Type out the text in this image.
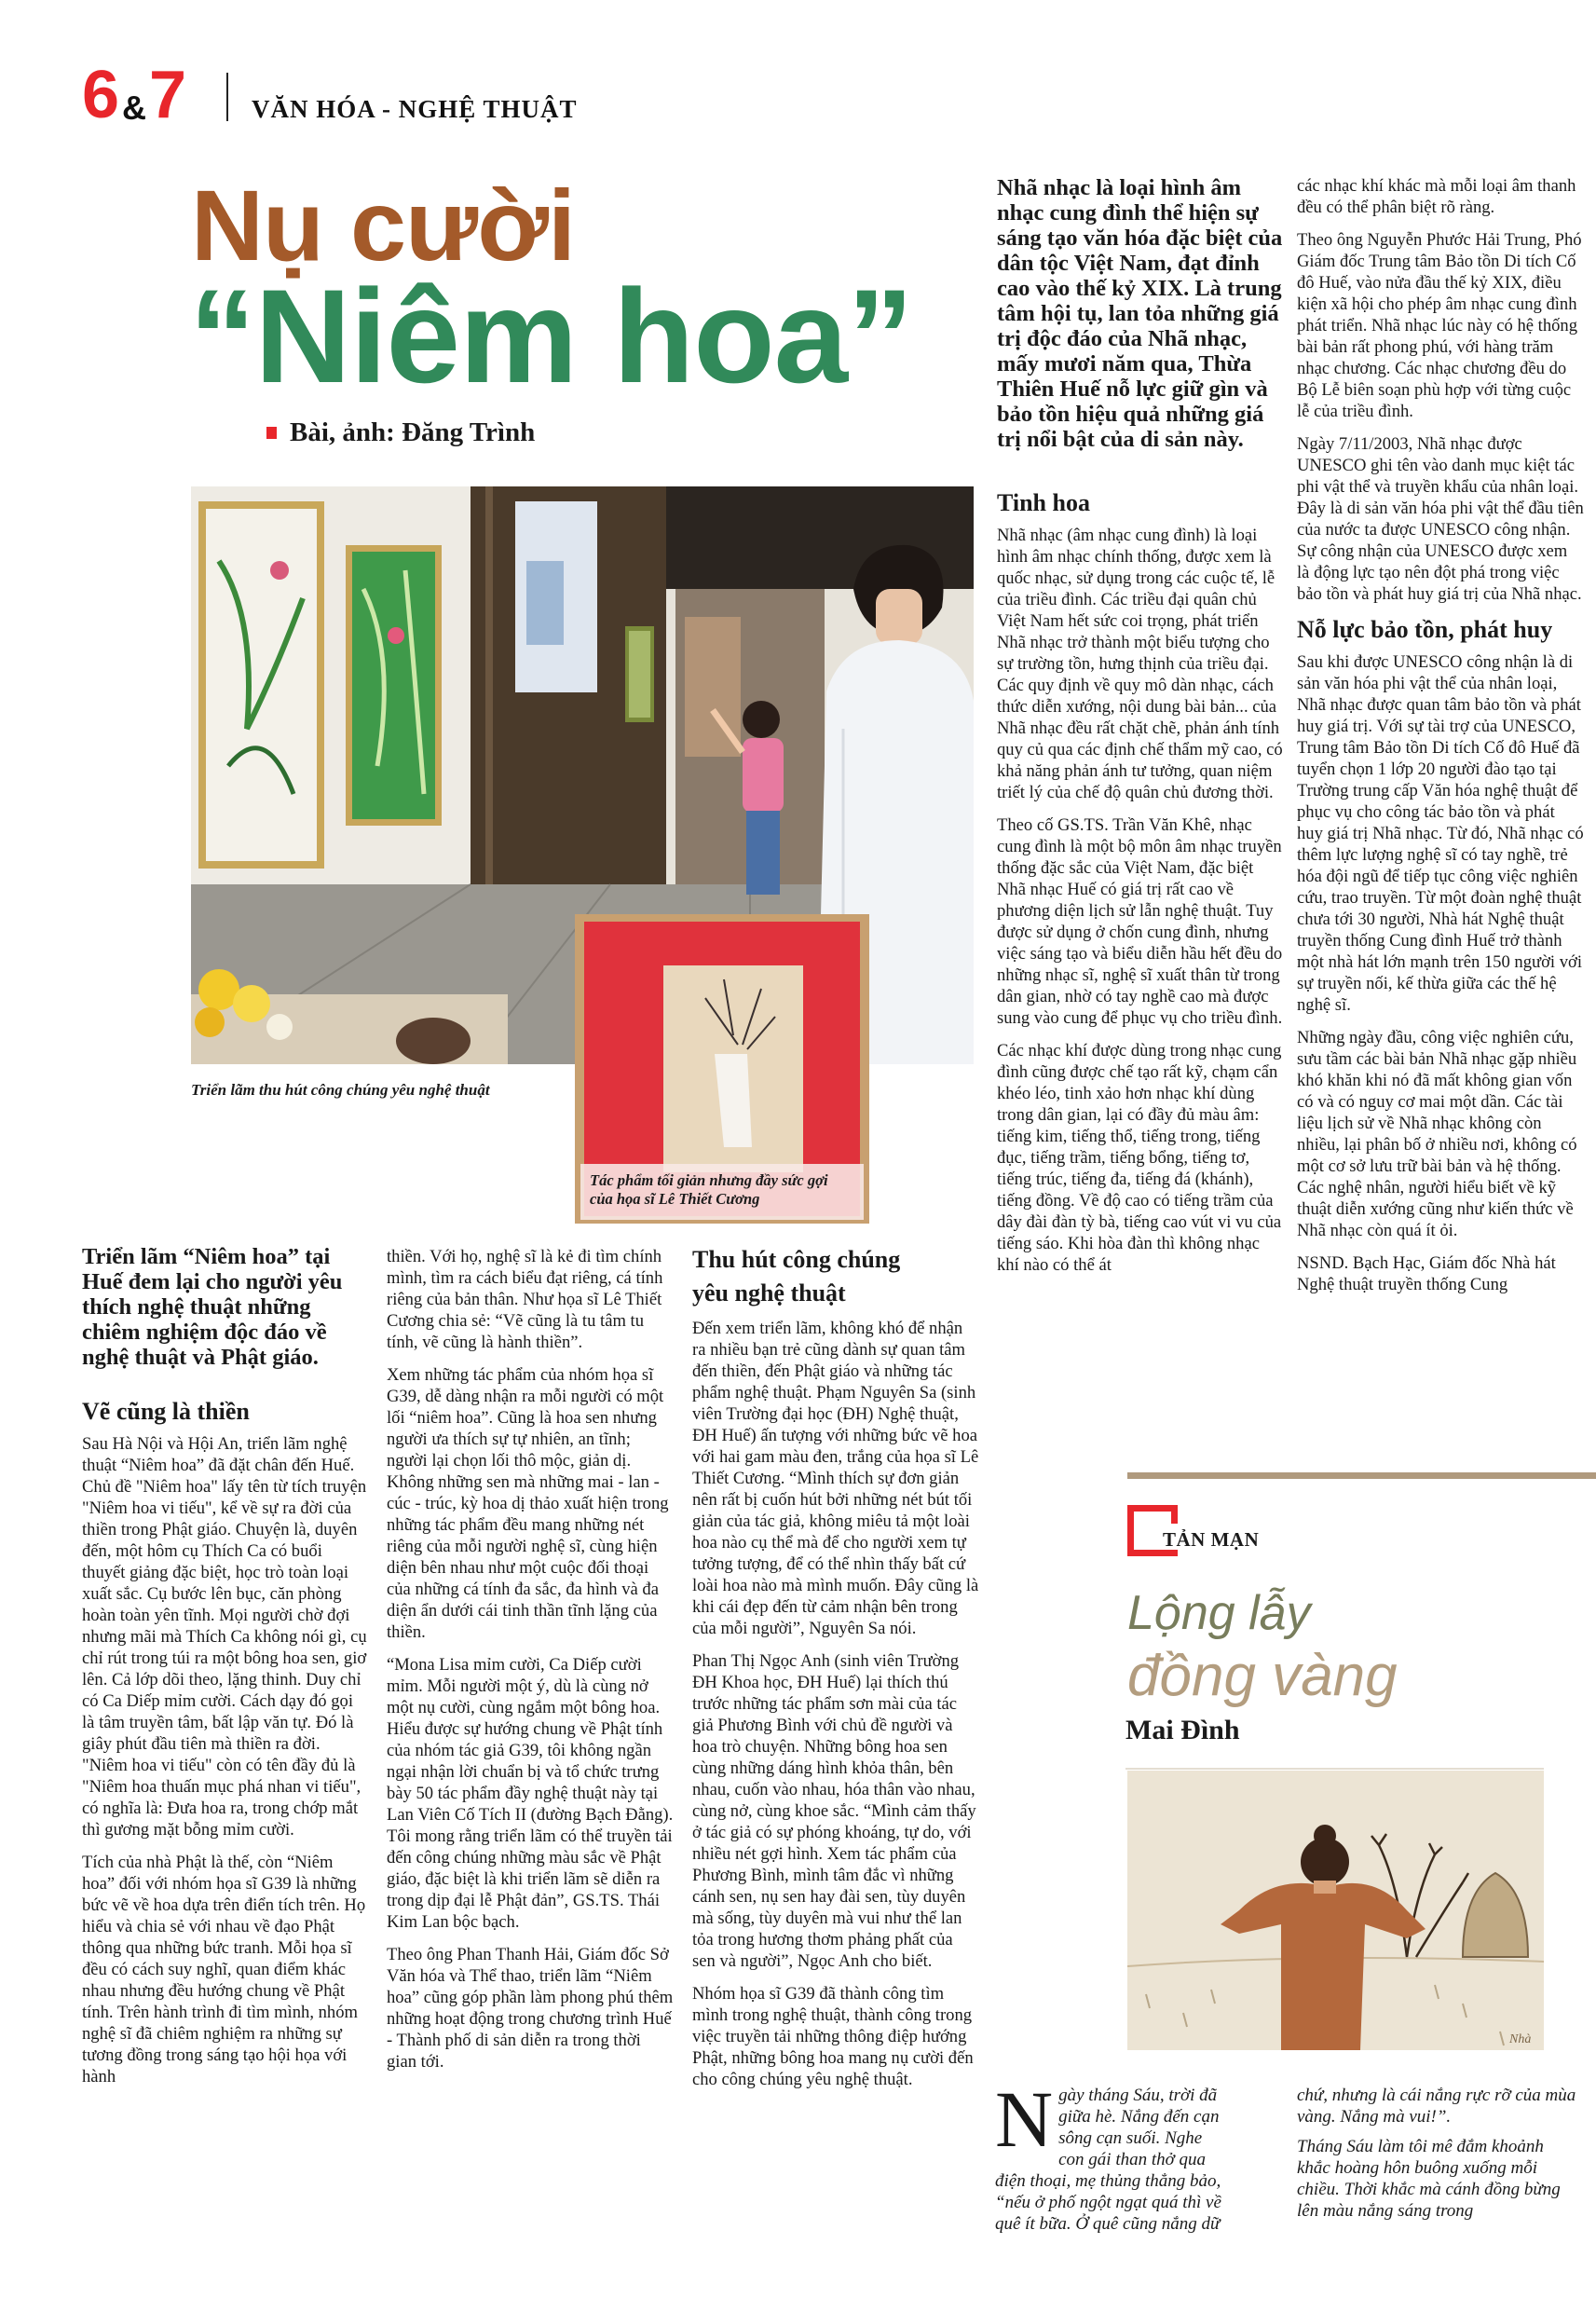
6 & 7	VĂN HÓA - NGHỆ THUẬT
Nụ cười
“Niêm hoa”
Bài, ảnh: Đăng Trình
Triển lãm thu hút công chúng yêu nghệ thuật
Tác phẩm tối giản nhưng đầy sức gợi của họa sĩ Lê Thiết Cương

Triển lãm “Niêm hoa” tại Huế đem lại cho người yêu thích nghệ thuật những chiêm nghiệm độc đáo về nghệ thuật và Phật giáo.

Vẽ cũng là thiền

Sau Hà Nội và Hội An, triển lãm nghệ thuật “Niêm hoa” đã đặt chân đến Huế. Chủ đề "Niêm hoa" lấy tên từ tích truyện "Niêm hoa vi tiếu", kể về sự ra đời của thiền trong Phật giáo. Chuyện là, duyên đến, một hôm cụ Thích Ca có buổi thuyết giảng đặc biệt, học trò toàn loại xuất sắc. Cụ bước lên bục, căn phòng hoàn toàn yên tĩnh. Mọi người chờ đợi nhưng mãi mà Thích Ca không nói gì, cụ chỉ rút trong túi ra một bông hoa sen, giơ lên. Cả lớp dõi theo, lặng thinh. Duy chỉ có Ca Diếp mỉm cười. Cách dạy đó gọi là tâm truyền tâm, bất lập văn tự. Đó là giây phút đầu tiên mà thiền ra đời. "Niêm hoa vi tiếu" còn có tên đầy đủ là "Niêm hoa thuấn mục phá nhan vi tiếu", có nghĩa là: Đưa hoa ra, trong chớp mắt thì gương mặt bỗng mỉm cười.

Tích của nhà Phật là thế, còn “Niêm hoa” đối với nhóm họa sĩ G39 là những bức vẽ về hoa dựa trên điển tích trên. Họ hiểu và chia sẻ với nhau về đạo Phật thông qua những bức tranh. Mỗi họa sĩ đều có cách suy nghĩ, quan điểm khác nhau nhưng đều hướng chung về Phật tính. Trên hành trình đi tìm mình, nhóm nghệ sĩ đã chiêm nghiệm ra những sự tương đồng trong sáng tạo hội họa với hành

thiền. Với họ, nghệ sĩ là kẻ đi tìm chính mình, tìm ra cách biểu đạt riêng, cá tính riêng của bản thân. Như họa sĩ Lê Thiết Cương chia sẻ: “Vẽ cũng là tu tâm tu tính, vẽ cũng là hành thiền”.

Xem những tác phẩm của nhóm họa sĩ G39, dễ dàng nhận ra mỗi người có một lối “niêm hoa”. Cũng là hoa sen nhưng người ưa thích sự tự nhiên, an tĩnh; người lại chọn lối thô mộc, giản dị. Không những sen mà những mai - lan - cúc - trúc, kỳ hoa dị thảo xuất hiện trong những tác phẩm đều mang những nét riêng của mỗi người nghệ sĩ, cùng hiện diện bên nhau như một cuộc đối thoại của những cá tính đa sắc, đa hình và đa diện ẩn dưới cái tinh thần tĩnh lặng của thiền.

“Mona Lisa mỉm cười, Ca Diếp cười mỉm. Mỗi người một ý, dù là cùng nở một nụ cười, cùng ngắm một bông hoa. Hiểu được sự hướng chung về Phật tính của nhóm tác giả G39, tôi không ngần ngại nhận lời chuẩn bị và tổ chức trưng bày 50 tác phẩm đầy nghệ thuật này tại Lan Viên Cố Tích II (đường Bạch Đằng). Tôi mong rằng triển lãm có thể truyền tải đến công chúng những màu sắc về Phật giáo, đặc biệt là khi triển lãm sẽ diễn ra trong dịp đại lễ Phật đản”, GS.TS. Thái Kim Lan bộc bạch.

Theo ông Phan Thanh Hải, Giám đốc Sở Văn hóa và Thể thao, triển lãm “Niêm hoa” cũng góp phần làm phong phú thêm những hoạt động trong chương trình Huế - Thành phố di sản diễn ra trong thời gian tới.

Thu hút công chúng yêu nghệ thuật

Đến xem triển lãm, không khó để nhận ra nhiều bạn trẻ cũng dành sự quan tâm đến thiền, đến Phật giáo và những tác phẩm nghệ thuật. Phạm Nguyên Sa (sinh viên Trường đại học (ĐH) Nghệ thuật, ĐH Huế) ấn tượng với những bức vẽ hoa với hai gam màu đen, trắng của họa sĩ Lê Thiết Cương. “Mình thích sự đơn giản nên rất bị cuốn hút bởi những nét bút tối giản của tác giả, không miêu tả một loài hoa nào cụ thể mà để cho người xem tự tưởng tượng, để có thể nhìn thấy bất cứ loài hoa nào mà mình muốn. Đây cũng là khi cái đẹp đến từ cảm nhận bên trong của mỗi người”, Nguyên Sa nói.

Phan Thị Ngọc Anh (sinh viên Trường ĐH Khoa học, ĐH Huế) lại thích thú trước những tác phẩm sơn mài của tác giả Phương Bình với chủ đề người và hoa trò chuyện. Những bông hoa sen cùng những dáng hình khỏa thân, bên nhau, cuốn vào nhau, hóa thân vào nhau, cùng nở, cùng khoe sắc. “Mình cảm thấy ở tác giả có sự phóng khoáng, tự do, với nhiều nét gợi hình. Xem tác phẩm của Phương Bình, mình tâm đắc vì những cánh sen, nụ sen hay đài sen, tùy duyên mà sống, tùy duyên mà vui như thể lan tỏa trong hương thơm phảng phất của sen và người”, Ngọc Anh cho biết.

Nhóm họa sĩ G39 đã thành công tìm mình trong nghệ thuật, thành công trong việc truyền tải những thông điệp hướng Phật, những bông hoa mang nụ cười đến cho công chúng yêu nghệ thuật.

Nhã nhạc là loại hình âm nhạc cung đình thể hiện sự sáng tạo văn hóa đặc biệt của dân tộc Việt Nam, đạt đỉnh cao vào thế kỷ XIX. Là trung tâm hội tụ, lan tỏa những giá trị độc đáo của Nhã nhạc, mấy mươi năm qua, Thừa Thiên Huế nỗ lực giữ gìn và bảo tồn hiệu quả những giá trị nổi bật của di sản này.

Tinh hoa

Nhã nhạc (âm nhạc cung đình) là loại hình âm nhạc chính thống, được xem là quốc nhạc, sử dụng trong các cuộc tế, lễ của triều đình. Các triều đại quân chủ Việt Nam hết sức coi trọng, phát triển Nhã nhạc trở thành một biểu tượng cho sự trường tồn, hưng thịnh của triều đại. Các quy định về quy mô dàn nhạc, cách thức diễn xướng, nội dung bài bản... của Nhã nhạc đều rất chặt chẽ, phản ánh tính quy củ qua các định chế thẩm mỹ cao, có khả năng phản ánh tư tưởng, quan niệm triết lý của chế độ quân chủ đương thời.

Theo cố GS.TS. Trần Văn Khê, nhạc cung đình là một bộ môn âm nhạc truyền thống đặc sắc của Việt Nam, đặc biệt Nhã nhạc Huế có giá trị rất cao về phương diện lịch sử lẫn nghệ thuật. Tuy được sử dụng ở chốn cung đình, nhưng việc sáng tạo và biểu diễn hầu hết đều do những nhạc sĩ, nghệ sĩ xuất thân từ trong dân gian, nhờ có tay nghề cao mà được sung vào cung để phục vụ cho triều đình.

Các nhạc khí được dùng trong nhạc cung đình cũng được chế tạo rất kỹ, chạm cẩn khéo léo, tinh xảo hơn nhạc khí dùng trong dân gian, lại có đầy đủ màu âm: tiếng kim, tiếng thổ, tiếng trong, tiếng đục, tiếng trầm, tiếng bổng, tiếng tơ, tiếng trúc, tiếng đa, tiếng đá (khánh), tiếng đồng. Về độ cao có tiếng trầm của dây đài đàn tỳ bà, tiếng cao vút vi vu của tiếng sáo. Khi hòa đàn thì không nhạc khí nào có thể át

các nhạc khí khác mà mỗi loại âm thanh đều có thể phân biệt rõ ràng.

Theo ông Nguyễn Phước Hải Trung, Phó Giám đốc Trung tâm Bảo tồn Di tích Cố đô Huế, vào nửa đầu thế kỷ XIX, điều kiện xã hội cho phép âm nhạc cung đình phát triển. Nhã nhạc lúc này có hệ thống bài bản rất phong phú, với hàng trăm nhạc chương. Các nhạc chương đều do Bộ Lễ biên soạn phù hợp với từng cuộc lễ của triều đình.

Ngày 7/11/2003, Nhã nhạc được UNESCO ghi tên vào danh mục kiệt tác phi vật thể và truyền khẩu của nhân loại. Đây là di sản văn hóa phi vật thể đầu tiên của nước ta được UNESCO công nhận. Sự công nhận của UNESCO được xem là động lực tạo nên đột phá trong việc bảo tồn và phát huy giá trị của Nhã nhạc.

Nỗ lực bảo tồn, phát huy

Sau khi được UNESCO công nhận là di sản văn hóa phi vật thể của nhân loại, Nhã nhạc được quan tâm bảo tồn và phát huy giá trị. Với sự tài trợ của UNESCO, Trung tâm Bảo tồn Di tích Cố đô Huế đã tuyển chọn 1 lớp 20 người đào tạo tại Trường trung cấp Văn hóa nghệ thuật để phục vụ cho công tác bảo tồn và phát huy giá trị Nhã nhạc. Từ đó, Nhã nhạc có thêm lực lượng nghệ sĩ có tay nghề, trẻ hóa đội ngũ để tiếp tục công việc nghiên cứu, trao truyền. Từ một đoàn nghệ thuật chưa tới 30 người, Nhà hát Nghệ thuật truyền thống Cung đình Huế trở thành một nhà hát lớn mạnh trên 150 người với sự truyền nối, kế thừa giữa các thế hệ nghệ sĩ.

Những ngày đầu, công việc nghiên cứu, sưu tầm các bài bản Nhã nhạc gặp nhiều khó khăn khi nó đã mất không gian vốn có và có nguy cơ mai một dần. Các tài liệu lịch sử về Nhã nhạc không còn nhiều, lại phân bố ở nhiều nơi, không có một cơ sở lưu trữ bài bản và hệ thống. Các nghệ nhân, người hiểu biết về kỹ thuật diễn xướng cũng như kiến thức về Nhã nhạc còn quá ít ỏi.

NSND. Bạch Hạc, Giám đốc Nhà hát Nghệ thuật truyền thống Cung

TẢN MẠN
Lộng lẫy
đồng vàng
Mai Đình
Nhà

Ngày tháng Sáu, trời đã giữa hè. Nắng đến cạn sông cạn suối. Nghe con gái than thở qua điện thoại, mẹ thủng thẳng bảo, “nếu ở phố ngột ngạt quá thì về quê ít bữa. Ở quê cũng nắng dữ

chứ, nhưng là cái nắng rực rỡ của mùa vàng. Nắng mà vui!”.

Tháng Sáu làm tôi mê đắm khoảnh khắc hoàng hôn buông xuống mỗi chiều. Thời khắc mà cánh đồng bừng lên màu nắng sáng trong
